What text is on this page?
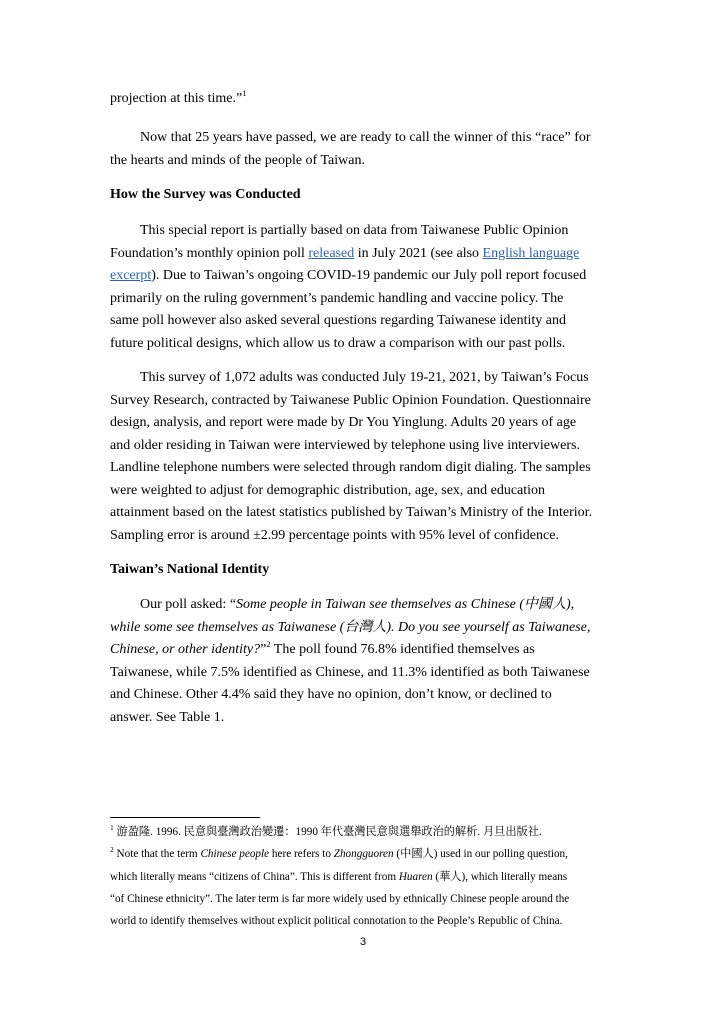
projection at this time.”$^1$

Now that 25 years have passed, we are ready to call the winner of this “race” for
the hearts and minds of the people of Taiwan.

How the Survey was Conducted

This special report is partially based on data from Taiwanese Public Opinion
Foundation’s monthly opinion poll released in July 2021 (see also English language
excerpt). Due to Taiwan’s ongoing COVID-19 pandemic our July poll report focused
primarily on the ruling government’s pandemic handling and vaccine policy. The
same poll however also asked several questions regarding Taiwanese identity and
future political designs, which allow us to draw a comparison with our past polls.

This survey of 1,072 adults was conducted July 19-21, 2021, by Taiwan’s Focus
Survey Research, contracted by Taiwanese Public Opinion Foundation. Questionnaire
design, analysis, and report were made by Dr You Yinglung. Adults 20 years of age
and older residing in Taiwan were interviewed by telephone using live interviewers.
Landline telephone numbers were selected through random digit dialing. The samples
were weighted to adjust for demographic distribution, age, sex, and education
attainment based on the latest statistics published by Taiwan’s Ministry of the Interior.
Sampling error is around ±2.99 percentage points with 95% level of confidence.

Taiwan’s National Identity

Our poll asked: “Some people in Taiwan see themselves as Chinese (中國人),
while some see themselves as Taiwanese (台灣人). Do you see yourself as Taiwanese,
Chinese, or other identity?”$^2$ The poll found 76.8% identified themselves as
Taiwanese, while 7.5% identified as Chinese, and 11.3% identified as both Taiwanese
and Chinese. Other 4.4% said they have no opinion, don’t know, or declined to
answer. See Table 1.

$^1$ 游盈隆. 1996. 民意與臺灣政治變遷：1990 年代臺灣民意與選舉政治的解析. 月旦出版社.
$^2$ Note that the term Chinese people here refers to Zhongguoren (中國人) used in our polling question,
which literally means “citizens of China”. This is different from Huaren (華人), which literally means
“of Chinese ethnicity”. The later term is far more widely used by ethnically Chinese people around the
world to identify themselves without explicit political connotation to the People’s Republic of China.
3
